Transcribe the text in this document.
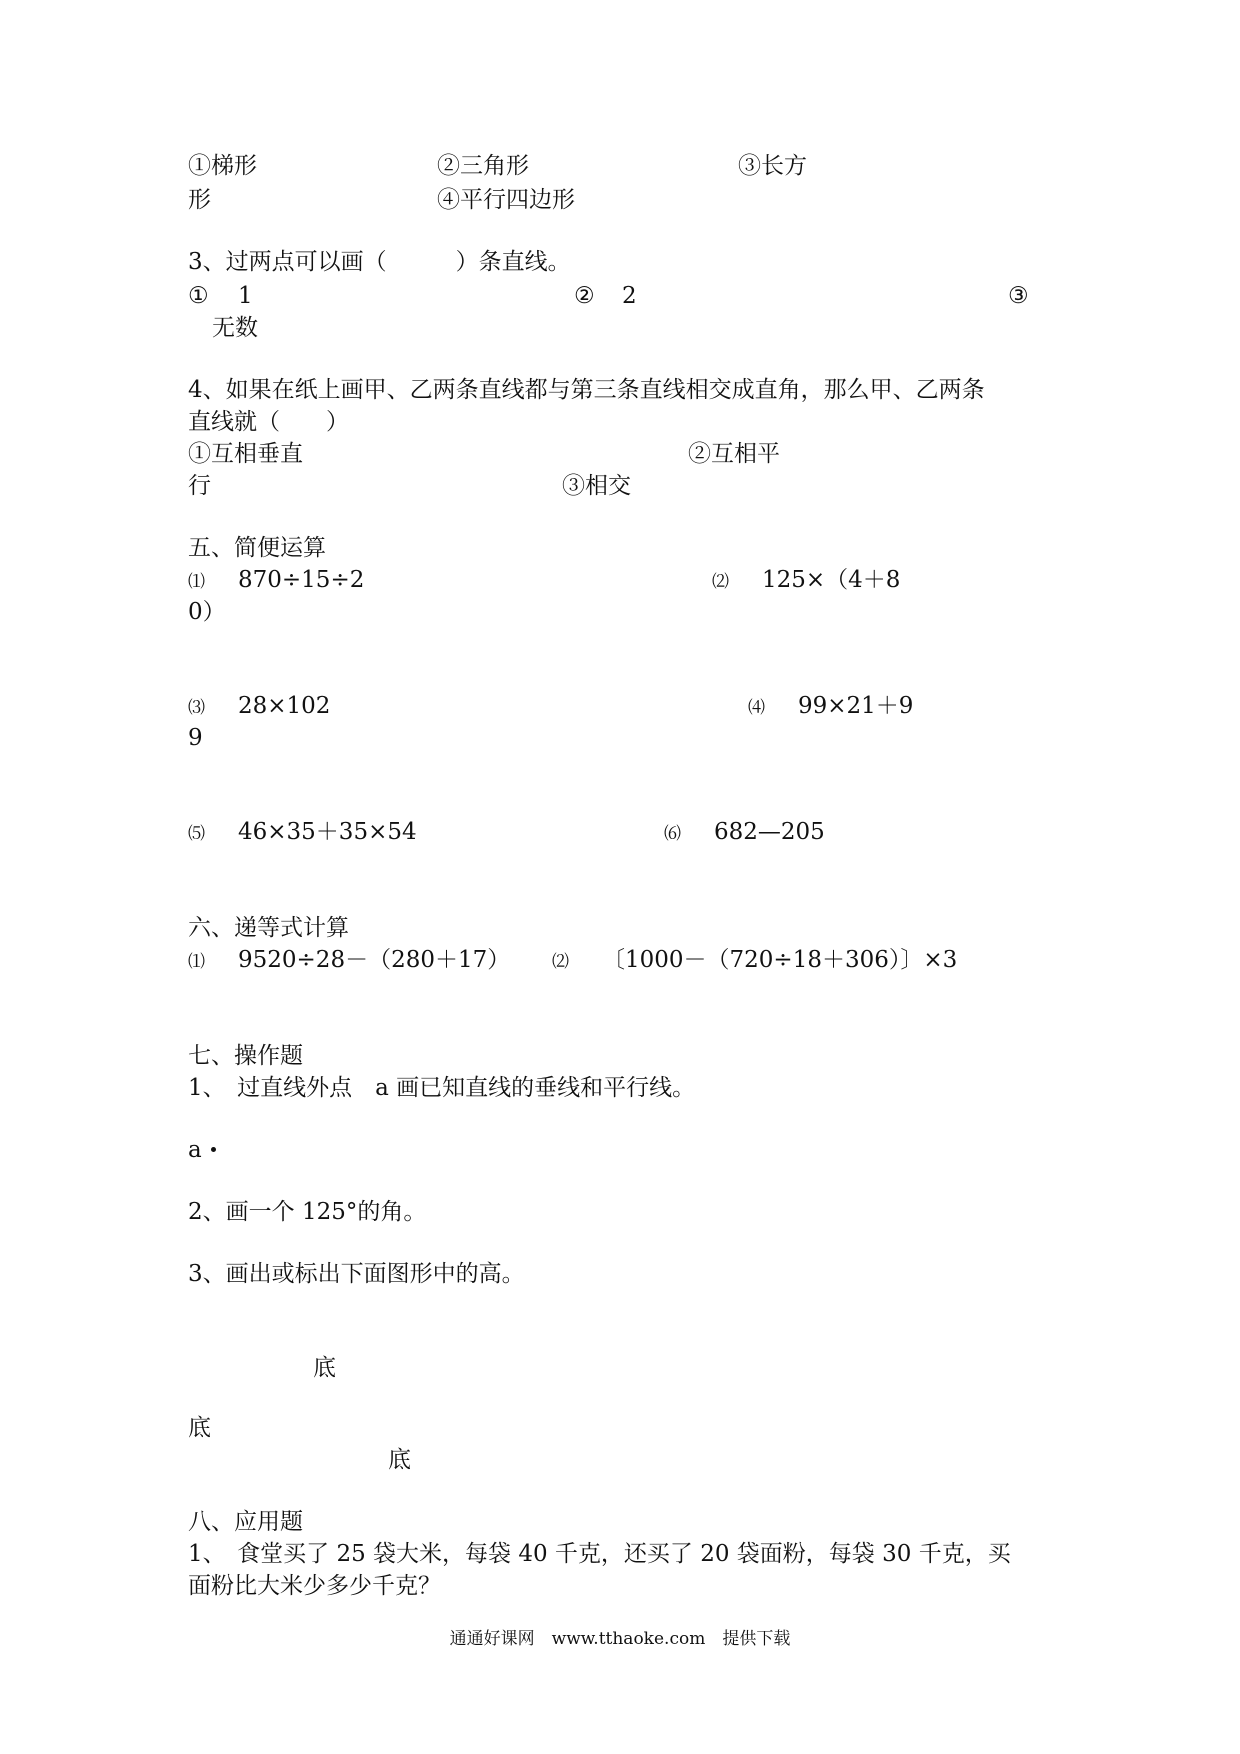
①梯形	②三角形	③长方
形	④平行四边形
3、过两点可以画（　　　）条直线。
① 1	② 2	③
无数
4、如果在纸上画甲、乙两条直线都与第三条直线相交成直角，那么甲、乙两条
直线就（　　）
①互相垂直	②互相平
行	③相交
五、简便运算
⑴ 870÷15÷2	⑵ 125×（4＋8
0）
⑶ 28×102	⑷ 99×21＋9
9
⑸ 46×35＋35×54	⑹ 682—205
六、递等式计算
⑴ 9520÷28－（280＋17） ⑵ 〔1000－（720÷18＋306）〕×3
七、操作题
1、　过直线外点　a 画已知直线的垂线和平行线。
a
2、画一个 125°的角。
3、画出或标出下面图形中的高。
底
底
底
八、应用题
1、　食堂买了 25 袋大米，每袋 40 千克，还买了 20 袋面粉，每袋 30 千克，买
面粉比大米少多少千克？
通通好课网　www.tthaoke.com　提供下载
